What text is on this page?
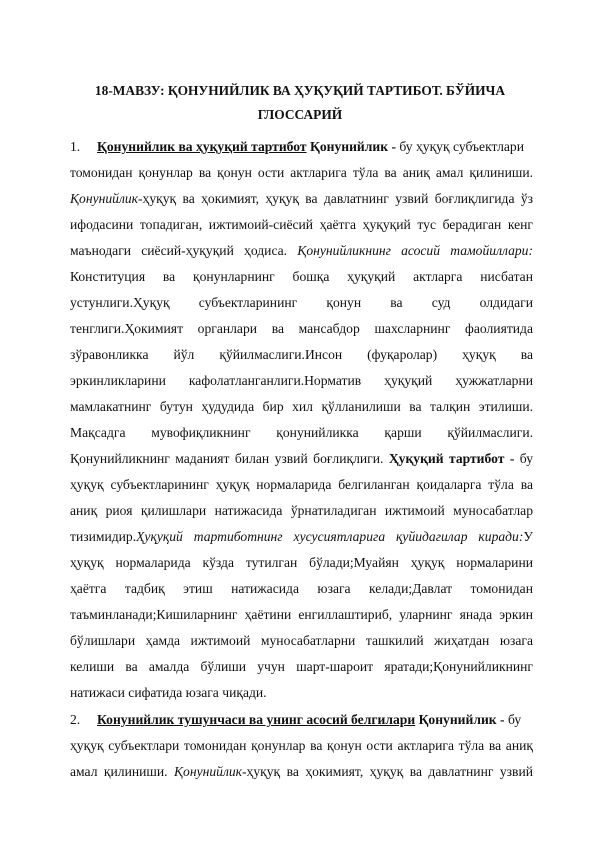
18-МАВЗУ: ҚОНУНИЙЛИК ВА ҲУҚУҚИЙ ТАРТИБОТ. БЎЙИЧА
ГЛОССАРИЙ
1. Қонунийлик ва ҳуқуқий тартибот Қонунийлик - бу ҳуқуқ субъектлари
томонидан қонунлар ва қонун ости актларига тўла ва аниқ амал қилиниши.
Қонунийлик-ҳуқуқ ва ҳокимият, ҳуқуқ ва давлатнинг узвий боғлиқлигида ўз
ифодасини топадиган, ижтимоий-сиёсий ҳаётга ҳуқуқий тус берадиган кенг
маънодаги сиёсий-ҳуқуқий ҳодиса. Қонунийликнинг асосий тамойиллари:
Конституция ва қонунларнинг бошқа ҳуқуқий актларга нисбатан
устунлиги.Ҳуқуқ субъектларининг қонун ва суд олдидаги
тенглиги.Ҳокимият органлари ва мансабдор шахсларнинг фаолиятида
зўравонликка йўл қўйилмаслиги.Инсон (фуқаролар) ҳуқуқ ва
эркинликларини кафолатланганлиги.Норматив ҳуқуқий ҳужжатларни
мамлакатнинг бутун ҳудудида бир хил қўлланилиши ва талқин этилиши.
Мақсадга мувофиқликнинг қонунийликка қарши қўйилмаслиги.
Қонунийликнинг маданият билан узвий боғлиқлиги. Ҳуқуқий тартибот - бу
ҳуқуқ субъектларининг ҳуқуқ нормаларида белгиланган қоидаларга тўла ва
аниқ риоя қилишлари натижасида ўрнатиладиган ижтимоий муносабатлар
тизимидир.Ҳуқуқий тартиботнинг хусусиятларига қуйидагилар киради:У
ҳуқуқ нормаларида кўзда тутилган бўлади;Муайян ҳуқуқ нормаларини
ҳаётга тадбиқ этиш натижасида юзага келади;Давлат томонидан
таъминланади;Кишиларнинг ҳаётини енгиллаштириб, уларнинг янада эркин
бўлишлари ҳамда ижтимоий муносабатларни ташкилий жиҳатдан юзага
келиши ва амалда бўлиши учун шарт-шароит яратади;Қонунийликнинг
натижаси сифатида юзага чиқади.
2. Конунийлик тушунчаси ва унинг асосий белгилари Қонунийлик - бу
ҳуқуқ субъектлари томонидан қонунлар ва қонун ости актларига тўла ва аниқ
амал қилиниши. Қонунийлик-ҳуқуқ ва ҳокимият, ҳуқуқ ва давлатнинг узвий
